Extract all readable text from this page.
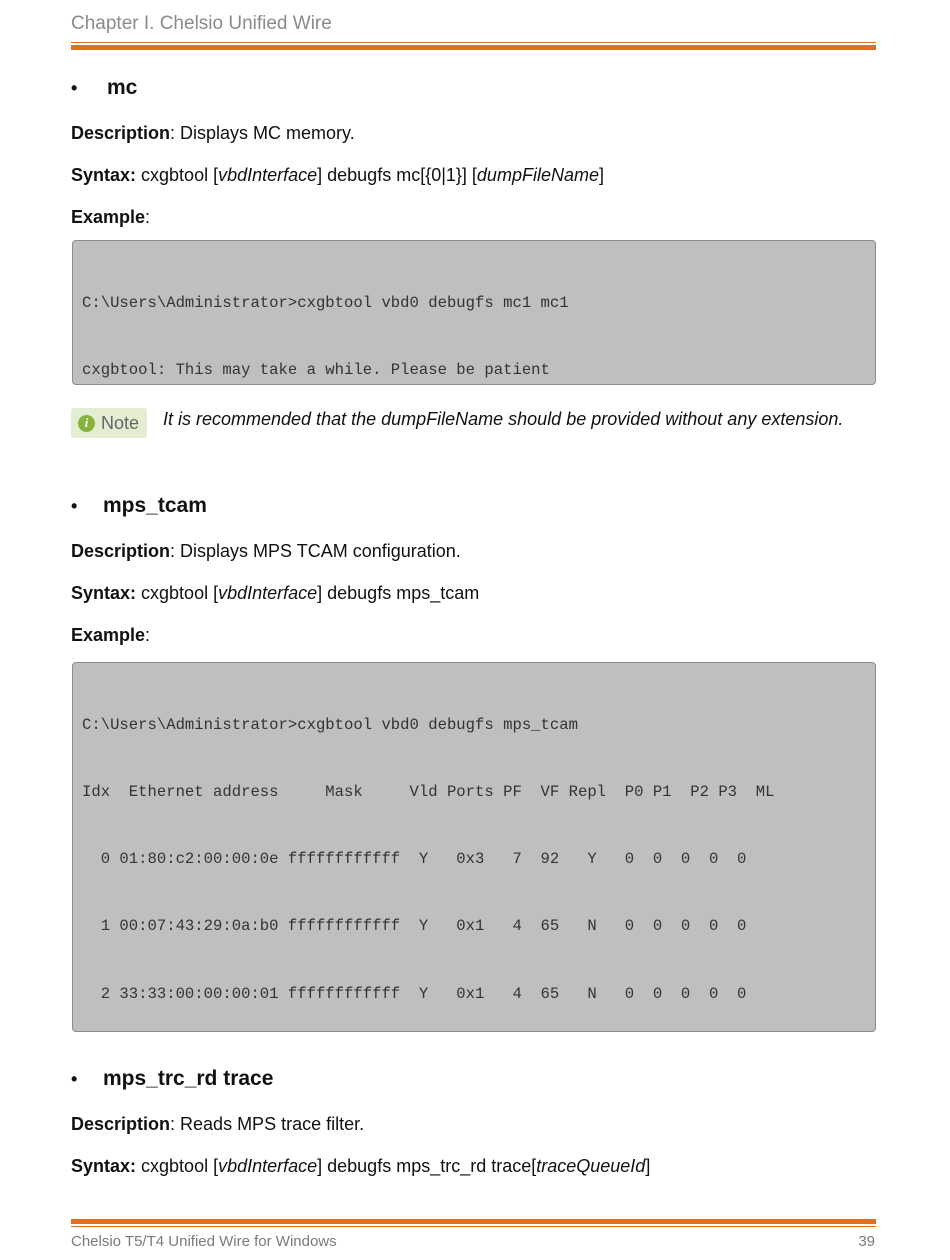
Chapter I. Chelsio Unified Wire
•	mc
Description: Displays MC memory.
Syntax: cxgbtool [vbdInterface] debugfs mc[{0|1}] [dumpFileName]
Example:

C:\Users\Administrator>cxgbtool vbd0 debugfs mc1 mc1

cxgbtool: This may take a while. Please be patient

i Note It is recommended that the dumpFileName should be provided without any extension.
•	mps_tcam
Description: Displays MPS TCAM configuration.
Syntax: cxgbtool [vbdInterface] debugfs mps_tcam
Example:

C:\Users\Administrator>cxgbtool vbd0 debugfs mps_tcam

Idx  Ethernet address     Mask     Vld Ports PF  VF Repl  P0 P1  P2 P3  ML

0 01:80:c2:00:00:0e ffffffffffff  Y   0x3   7  92   Y   0  0  0  0  0

1 00:07:43:29:0a:b0 ffffffffffff  Y   0x1   4  65   N   0  0  0  0  0

2 33:33:00:00:00:01 ffffffffffff  Y   0x1   4  65   N   0  0  0  0  0

•	mps_trc_rd trace
Description: Reads MPS trace filter.
Syntax: cxgbtool [vbdInterface] debugfs mps_trc_rd trace[traceQueueId]
Chelsio T5/T4 Unified Wire for Windows	39
